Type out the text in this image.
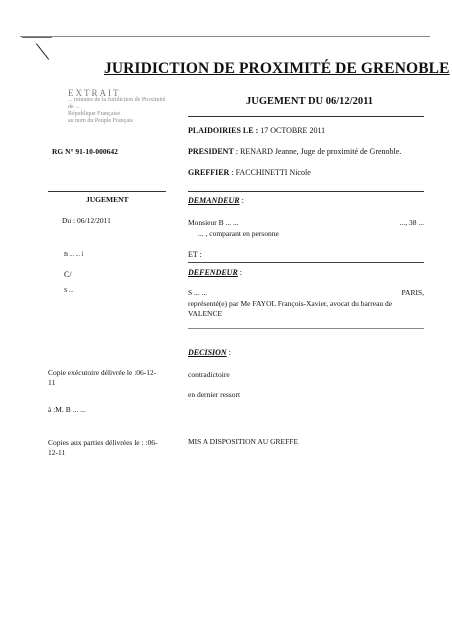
JURIDICTION DE PROXIMITÉ DE GRENOBLE
EXTRAIT
... minutes de la Juridiction de Proximité
de ...
République Française
au nom du Peuple Français
JUGEMENT DU 06/12/2011
PLAIDOIRIES LE : 17 OCTOBRE 2011
RG N° 91-10-000642	PRESIDENT : RENARD Jeanne, Juge de proximité de Grenoble.
GREFFIER : FACCHINETTI Nicole
JUGEMENT
Du : 06/12/2011
DEMANDEUR :
Monsieur B ... ...	..., 38 ...
... , comparant en personne
B ... ... l	ET :
C/	DEFENDEUR :
S ...	S ... ...	PARIS,
représenté(e) par Me FAYOL François-Xavier, avocat du barreau de VALENCE
DECISION :
contradictoire
en dernier ressort
Copie exécutoire délivrée le :06-12-11
à :M. B ... ...
Copies aux parties délivrées le : :06-12-11
MIS A DISPOSITION AU GREFFE
